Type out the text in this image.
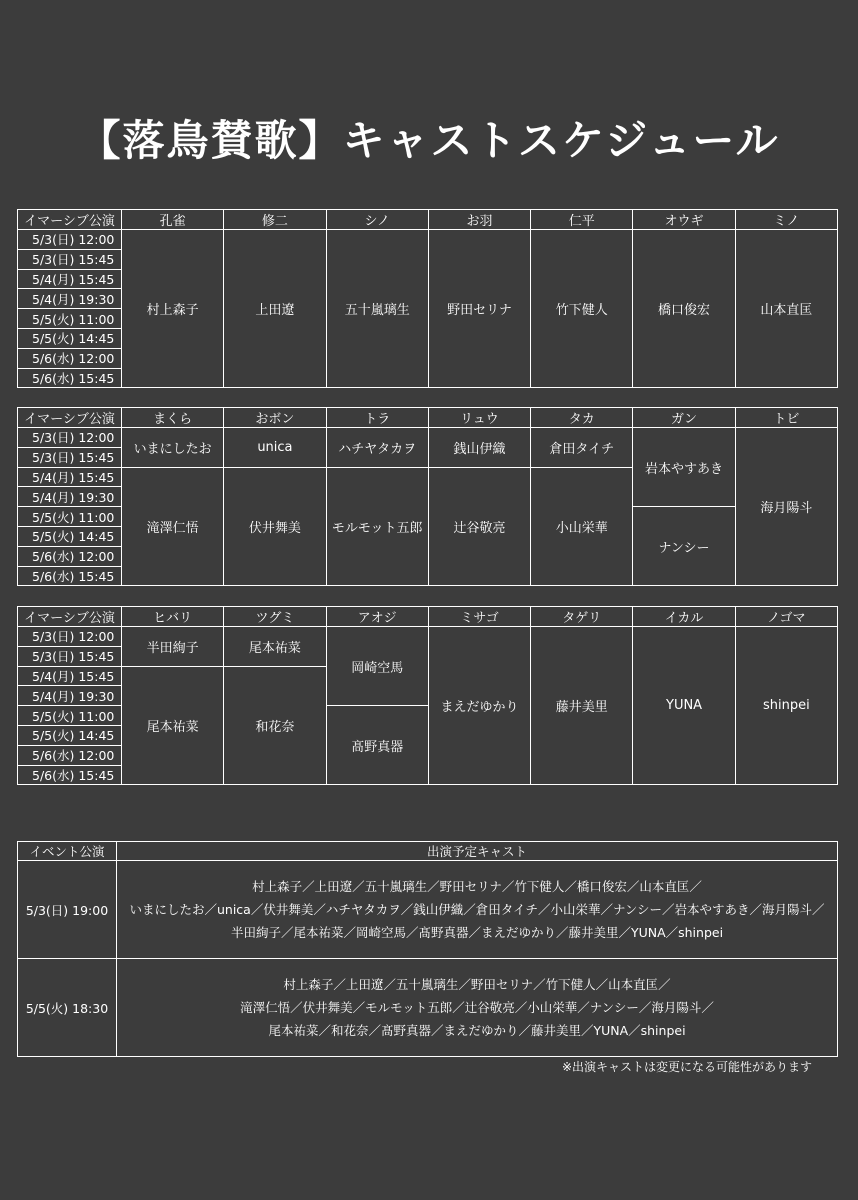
【落鳥賛歌】キャストスケジュール
イマーシブ公演	孔雀	修二	シノ	お羽	仁平	オウギ	ミノ
5/3(日) 12:00	村上森子	上田遼	五十嵐璃生	野田セリナ	竹下健人	橋口俊宏	山本直匡
5/3(日) 15:45							
5/4(月) 15:45							
5/4(月) 19:30							
5/5(火) 11:00							
5/5(火) 14:45							
5/6(水) 12:00							
5/6(水) 15:45							
イマーシブ公演	まくら	おボン	トラ	リュウ	タカ	ガン	トビ
5/3(日) 12:00	いまにしたお	unica	ハチヤタカヲ	銭山伊織	倉田タイチ	岩本やすあき	海月陽斗
5/3(日) 15:45							
5/4(月) 15:45	滝澤仁悟	伏井舞美	モルモット五郎	辻谷敬亮	小山栄華		
5/4(月) 19:30							
5/5(火) 11:00						ナンシー	
5/5(火) 14:45							
5/6(水) 12:00							
5/6(水) 15:45							
イマーシブ公演	ヒバリ	ツグミ	アオジ	ミサゴ	タゲリ	イカル	ノゴマ
5/3(日) 12:00	半田絢子	尾本祐菜	岡崎空馬	まえだゆかり	藤井美里	YUNA	shinpei
5/3(日) 15:45							
5/4(月) 15:45	尾本祐菜	和花奈					
5/4(月) 19:30							
5/5(火) 11:00			髙野真器				
5/5(火) 14:45							
5/6(水) 12:00							
5/6(水) 15:45							
イベント公演	出演予定キャスト
5/3(日) 19:00	村上森子／上田遼／五十嵐璃生／野田セリナ／竹下健人／橋口俊宏／山本直匡／
いまにしたお／unica／伏井舞美／ハチヤタカヲ／銭山伊織／倉田タイチ／小山栄華／ナンシー／岩本やすあき／海月陽斗／
半田絢子／尾本祐菜／岡崎空馬／髙野真器／まえだゆかり／藤井美里／YUNA／shinpei

5/5(火) 18:30	村上森子／上田遼／五十嵐璃生／野田セリナ／竹下健人／山本直匡／
滝澤仁悟／伏井舞美／モルモット五郎／辻谷敬亮／小山栄華／ナンシー／海月陽斗／
尾本祐菜／和花奈／髙野真器／まえだゆかり／藤井美里／YUNA／shinpei
※出演キャストは変更になる可能性があります
